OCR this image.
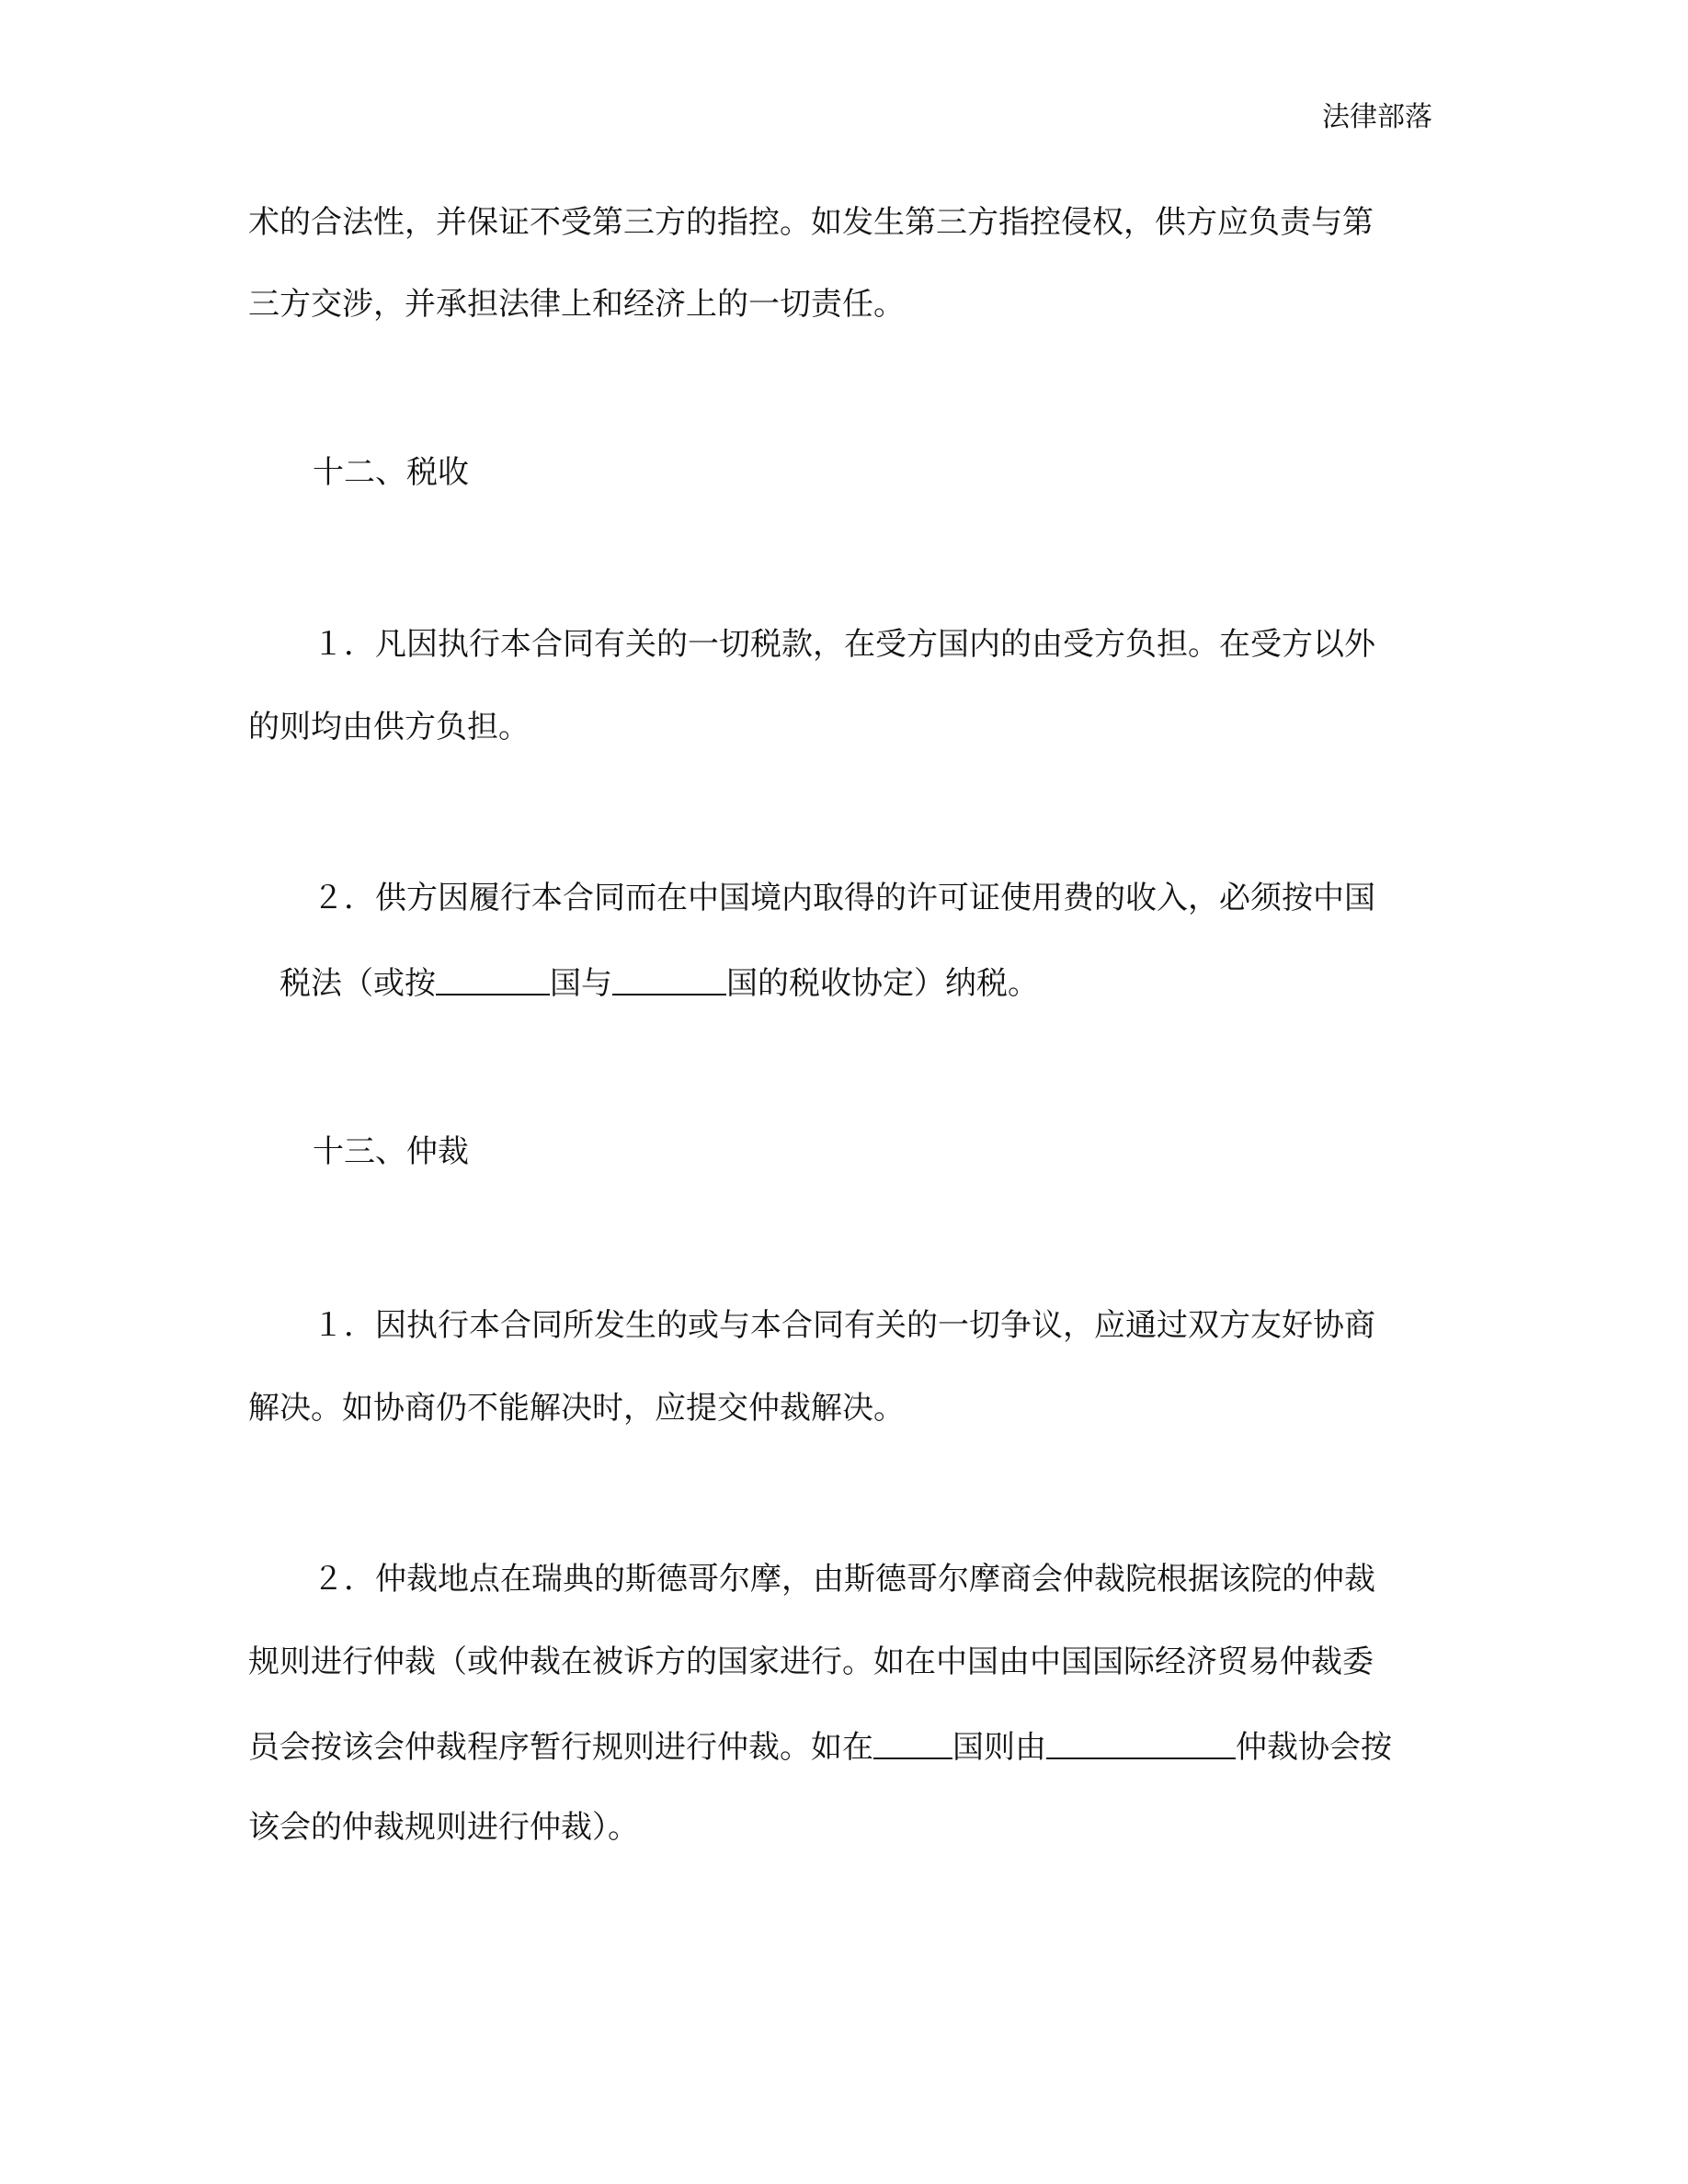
法律部落
术的合法性，并保证不受第三方的指控。如发生第三方指控侵权，供方应负责与第
三方交涉，并承担法律上和经济上的一切责任。
十二、税收
１．凡因执行本合同有关的一切税款，在受方国内的由受方负担。在受方以外
的则均由供方负担。
２．供方因履行本合同而在中国境内取得的许可证使用费的收入，必须按中国
税法（或按	国与	国的税收协定）纳税。
十三、仲裁
１．因执行本合同所发生的或与本合同有关的一切争议，应通过双方友好协商
解决。如协商仍不能解决时，应提交仲裁解决。
２．仲裁地点在瑞典的斯德哥尔摩，由斯德哥尔摩商会仲裁院根据该院的仲裁
规则进行仲裁（或仲裁在被诉方的国家进行。如在中国由中国国际经济贸易仲裁委
员会按该会仲裁程序暂行规则进行仲裁。如在	国则由	仲裁协会按
该会的仲裁规则进行仲裁）。
